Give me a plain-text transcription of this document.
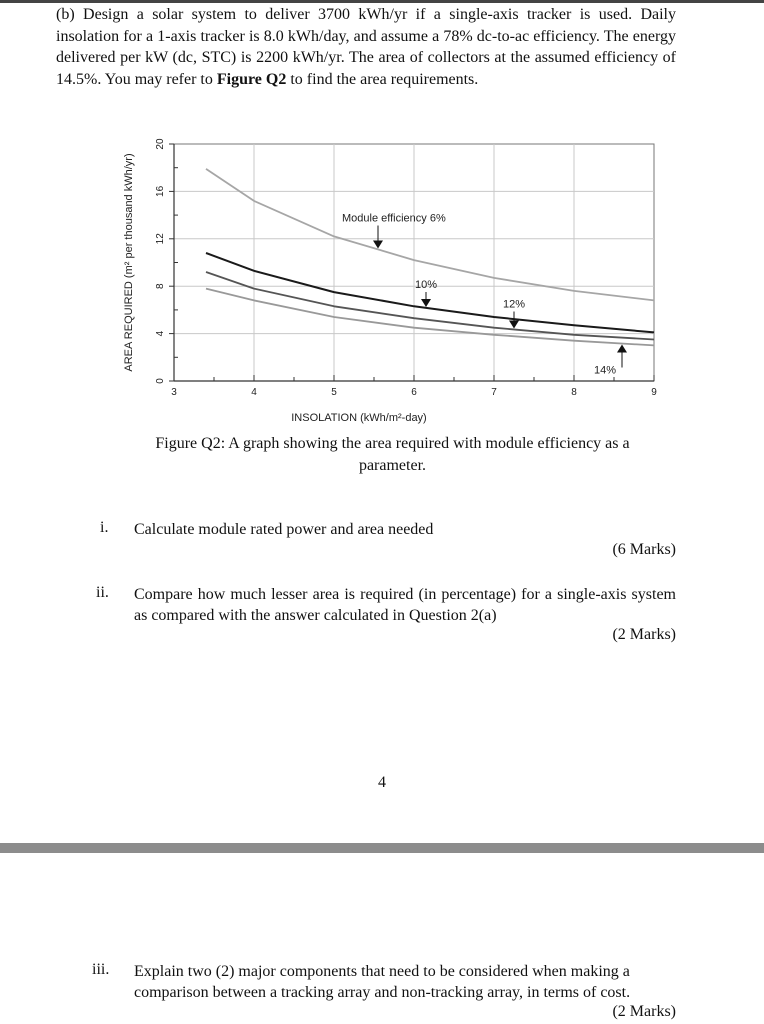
(b) Design a solar system to deliver 3700 kWh/yr if a single-axis tracker is used. Daily insolation for a 1-axis tracker is 8.0 kWh/day, and assume a 78% dc-to-ac efficiency. The energy delivered per kW (dc, STC) is 2200 kWh/yr. The area of collectors at the assumed efficiency of 14.5%. You may refer to Figure Q2 to find the area requirements.
3	4	5	6	7	8	9
0
4
8
12
16
20
INSOLATION (kWh/m²-day)
AREA REQUIRED (m² per thousand kWh/yr)	Module efficiency 6%
10%
12%
14%
Figure Q2: A graph showing the area required with module efficiency as a parameter.
i. Calculate module rated power and area needed
(6 Marks)
ii. Compare how much lesser area is required (in percentage) for a single-axis system as compared with the answer calculated in Question 2(a)
(2 Marks)
4
iii. Explain two (2) major components that need to be considered when making a comparison between a tracking array and non-tracking array, in terms of cost.
(2 Marks)
